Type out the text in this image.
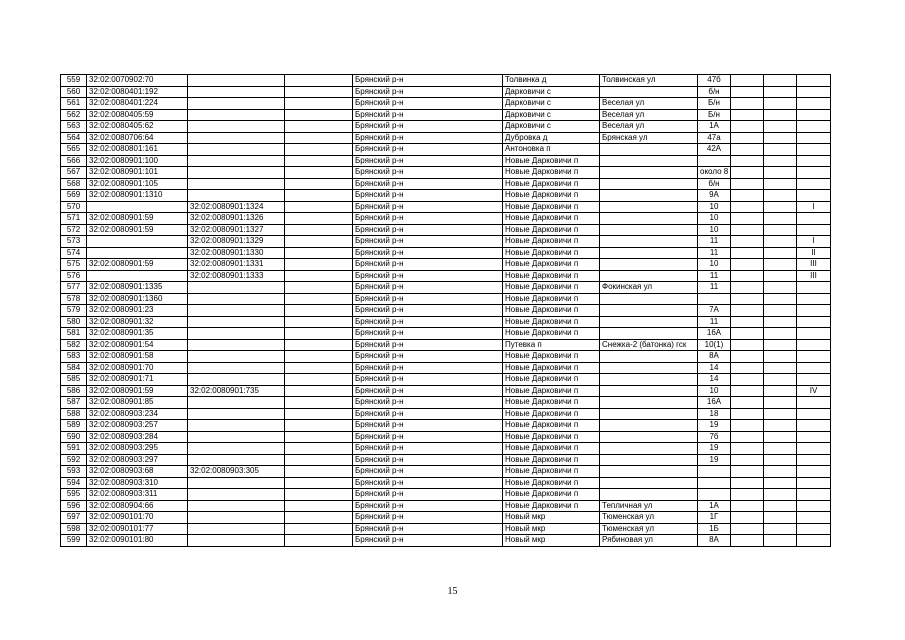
559	32:02:0070902:70			Брянский р-н	Толвинка д	Толвинская ул	47б			
560	32:02:0080401:192			Брянский р-н	Дарковичи с		б/н			
561	32:02:0080401:224			Брянский р-н	Дарковичи с	Веселая ул	Б/н			
562	32:02:0080405:59			Брянский р-н	Дарковичи с	Веселая ул	Б/н			
563	32:02:0080405:62			Брянский р-н	Дарковичи с	Веселая ул	1А			
564	32:02:0080706:64			Брянский р-н	Дубровка д	Брянская ул	47а			
565	32:02:0080801:161			Брянский р-н	Антоновка п		42А			
566	32:02:0080901:100			Брянский р-н	Новые Дарковичи п					
567	32:02:0080901:101			Брянский р-н	Новые Дарковичи п		около 8			
568	32:02:0080901:105			Брянский р-н	Новые Дарковичи п		б/н			
569	32:02:0080901:1310			Брянский р-н	Новые Дарковичи п		9А			
570		32:02:0080901:1324		Брянский р-н	Новые Дарковичи п		10			I
571	32:02:0080901:59	32:02:0080901:1326		Брянский р-н	Новые Дарковичи п		10			
572	32:02:0080901:59	32:02:0080901:1327		Брянский р-н	Новые Дарковичи п		10			
573		32:02:0080901:1329		Брянский р-н	Новые Дарковичи п		11			I
574		32:02:0080901:1330		Брянский р-н	Новые Дарковичи п		11			II
575	32:02:0080901:59	32:02:0080901:1331		Брянский р-н	Новые Дарковичи п		10			III
576		32:02:0080901:1333		Брянский р-н	Новые Дарковичи п		11			III
577	32:02:0080901:1335			Брянский р-н	Новые Дарковичи п	Фокинская ул	11			
578	32:02:0080901:1360			Брянский р-н	Новые Дарковичи п					
579	32:02:0080901:23			Брянский р-н	Новые Дарковичи п		7А			
580	32:02:0080901:32			Брянский р-н	Новые Дарковичи п		11			
581	32:02:0080901:35			Брянский р-н	Новые Дарковичи п		16А			
582	32:02:0080901:54			Брянский р-н	Путевка п	Снежка-2 (батонка) гск	10(1)			
583	32:02:0080901:58			Брянский р-н	Новые Дарковичи п		8А			
584	32:02:0080901:70			Брянский р-н	Новые Дарковичи п		14			
585	32:02:0080901:71			Брянский р-н	Новые Дарковичи п		14			
586	32:02:0080901:59	32:02:0080901:735		Брянский р-н	Новые Дарковичи п		10			IV
587	32:02:0080901:85			Брянский р-н	Новые Дарковичи п		16А			
588	32:02:0080903:234			Брянский р-н	Новые Дарковичи п		18			
589	32:02:0080903:257			Брянский р-н	Новые Дарковичи п		19			
590	32:02:0080903:284			Брянский р-н	Новые Дарковичи п		7б			
591	32:02:0080903:295			Брянский р-н	Новые Дарковичи п		19			
592	32:02:0080903:297			Брянский р-н	Новые Дарковичи п		19			
593	32:02:0080903:68	32:02:0080903:305		Брянский р-н	Новые Дарковичи п					
594	32:02:0080903:310			Брянский р-н	Новые Дарковичи п					
595	32:02:0080903:311			Брянский р-н	Новые Дарковичи п					
596	32:02:0080904:66			Брянский р-н	Новые Дарковичи п	Тепличная ул	1А			
597	32:02:0090101:70			Брянский р-н	Новый мкр	Тюменская ул	1Г			
598	32:02:0090101:77			Брянский р-н	Новый мкр	Тюменская ул	1Б			
599	32:02:0090101:80			Брянский р-н	Новый мкр	Рябиновая ул	8А			
15
